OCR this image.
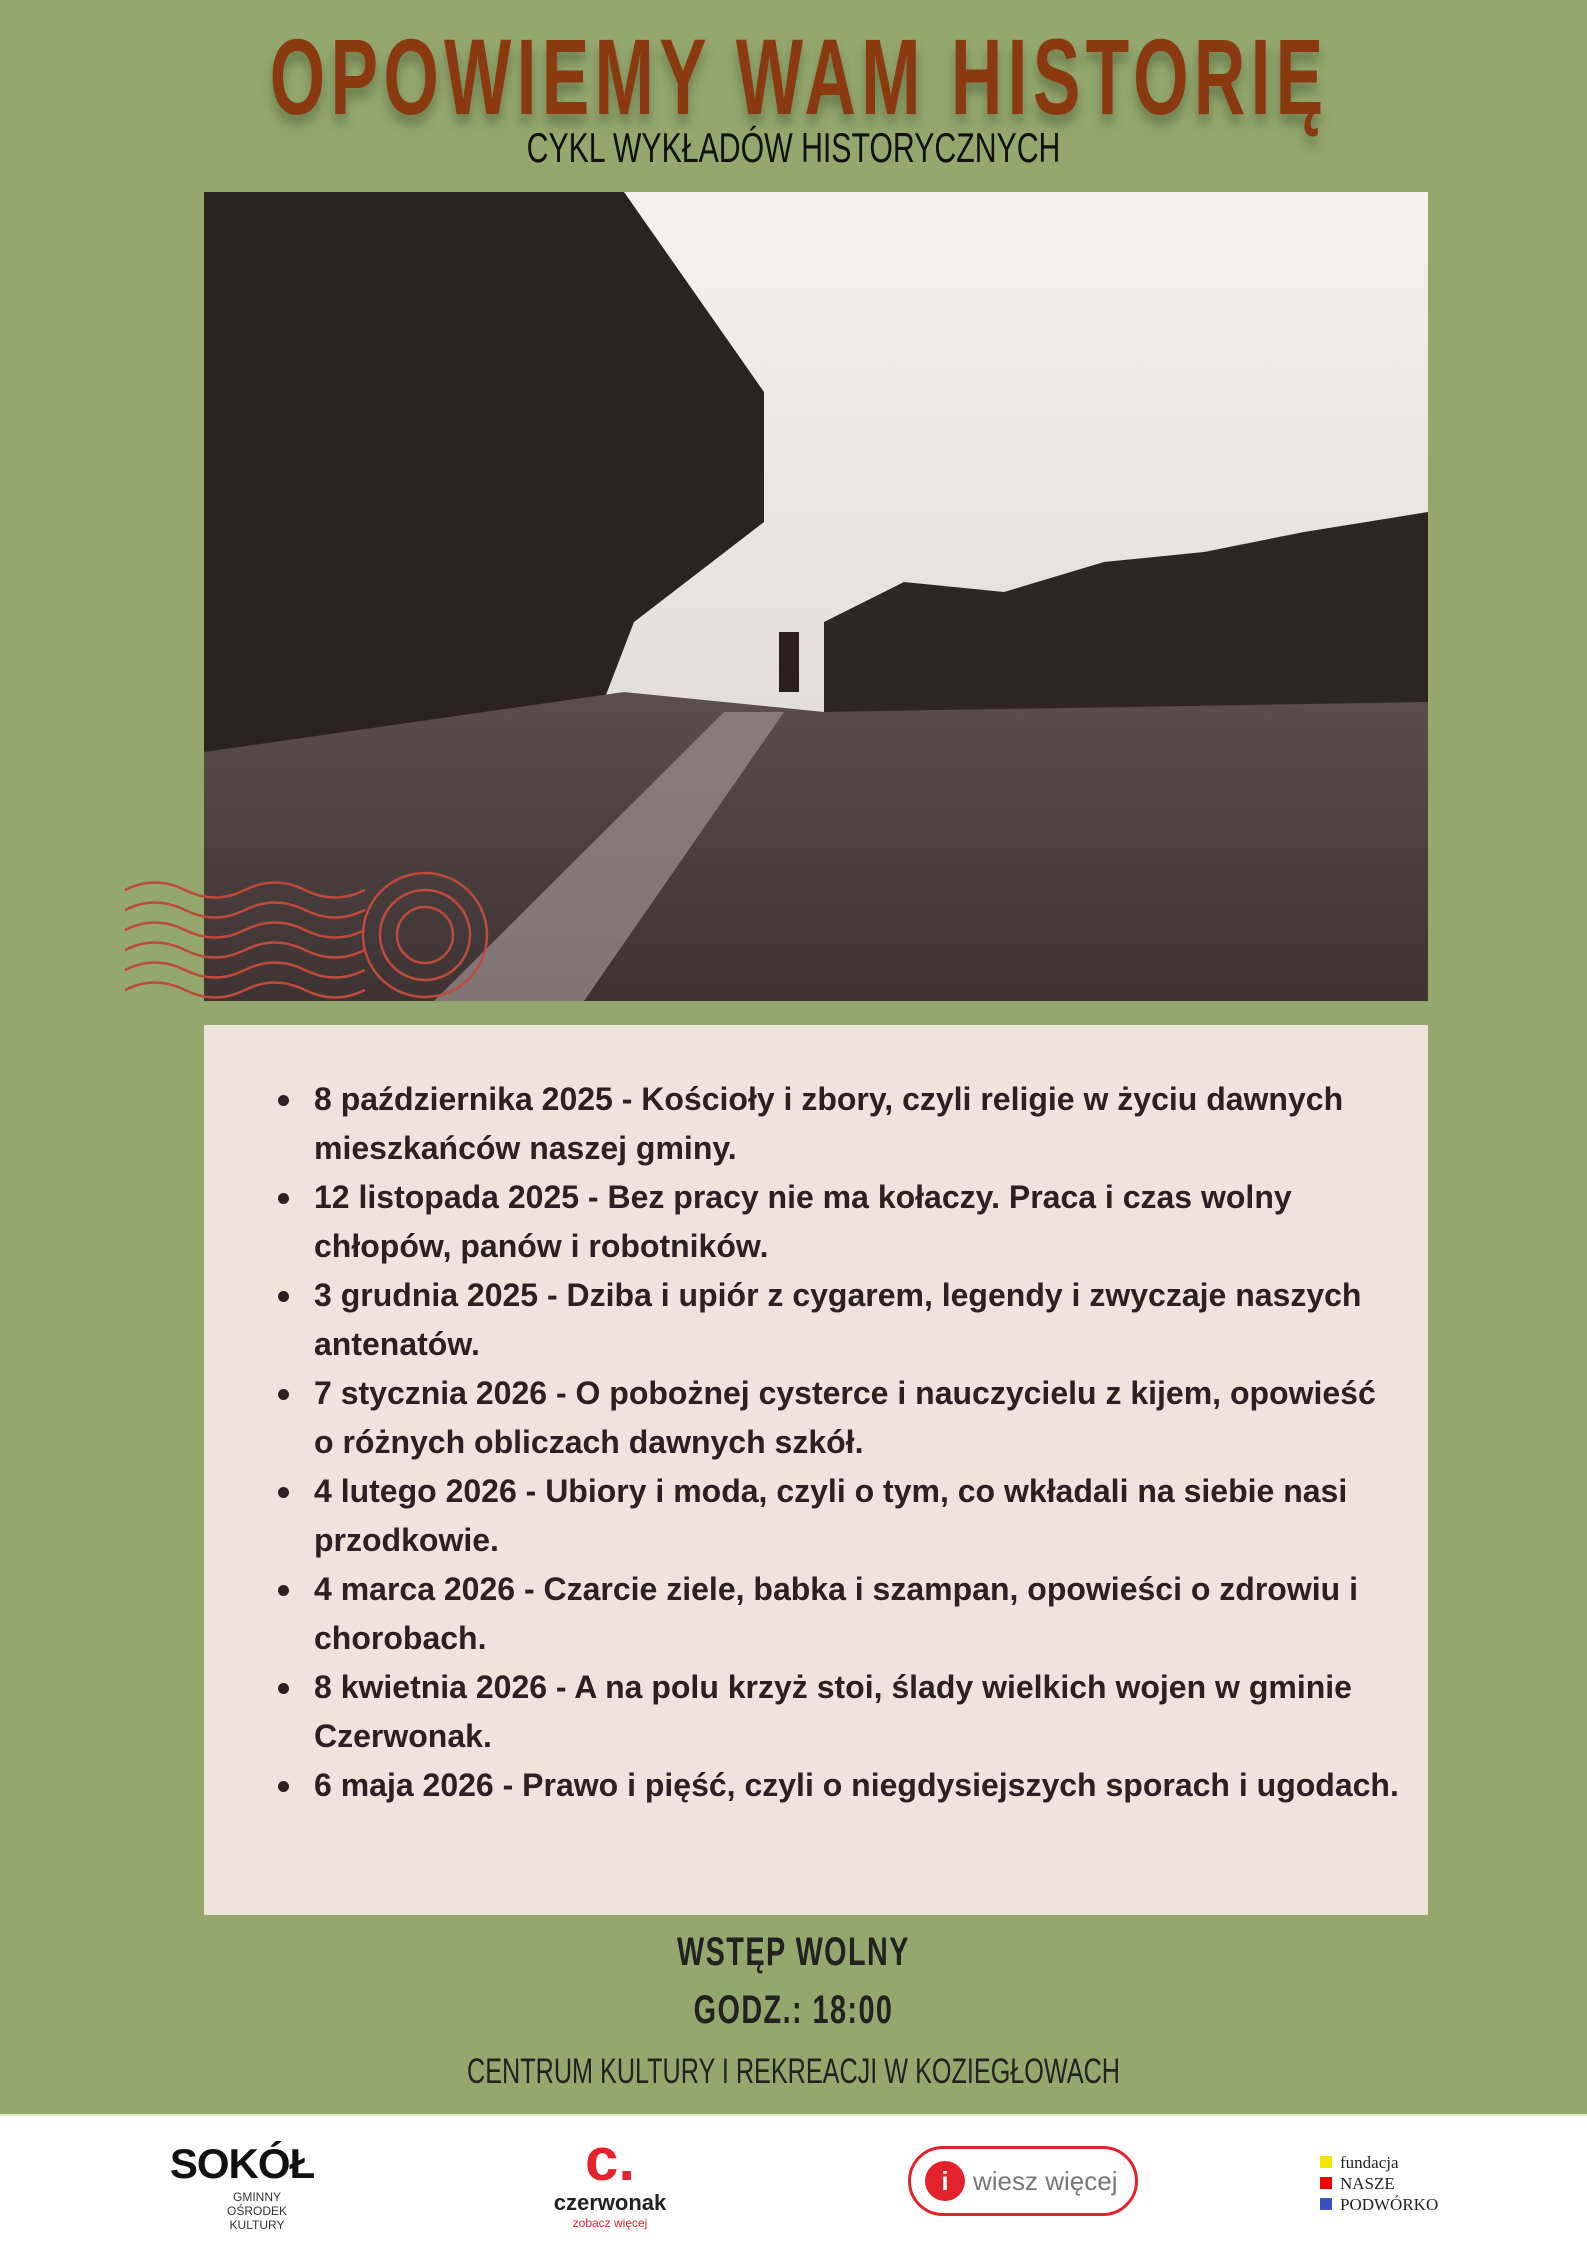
OPOWIEMY WAM HISTORIĘ
CYKL WYKŁADÓW HISTORYCZNYCH
8 października 2025 - Kościoły i zbory, czyli religie w życiu dawnych mieszkańców naszej gminy.
12 listopada 2025 - Bez pracy nie ma kołaczy. Praca i czas wolny chłopów, panów i robotników.
3 grudnia 2025 - Dziba i upiór z cygarem, legendy i zwyczaje naszych antenatów.
7 stycznia 2026 - O pobożnej cysterce i nauczycielu z kijem, opowieść o różnych obliczach dawnych szkół.
4 lutego 2026 - Ubiory i moda, czyli o tym, co wkładali na siebie nasi przodkowie.
4 marca 2026 - Czarcie ziele, babka i szampan, opowieści o zdrowiu i chorobach.
8 kwietnia 2026 - A na polu krzyż stoi, ślady wielkich wojen w gminie Czerwonak.
6 maja 2026 - Prawo i pięść, czyli o niegdysiejszych sporach i ugodach.
WSTĘP WOLNY
GODZ.: 18:00
CENTRUM KULTURY I REKREACJI W KOZIEGŁOWACH
SOKÓŁ
GMINNY
OŚRODEK
KULTURY
c.
czerwonak
zobacz więcej
i wiesz więcej
fundacja
NASZE
PODWÓRKO
